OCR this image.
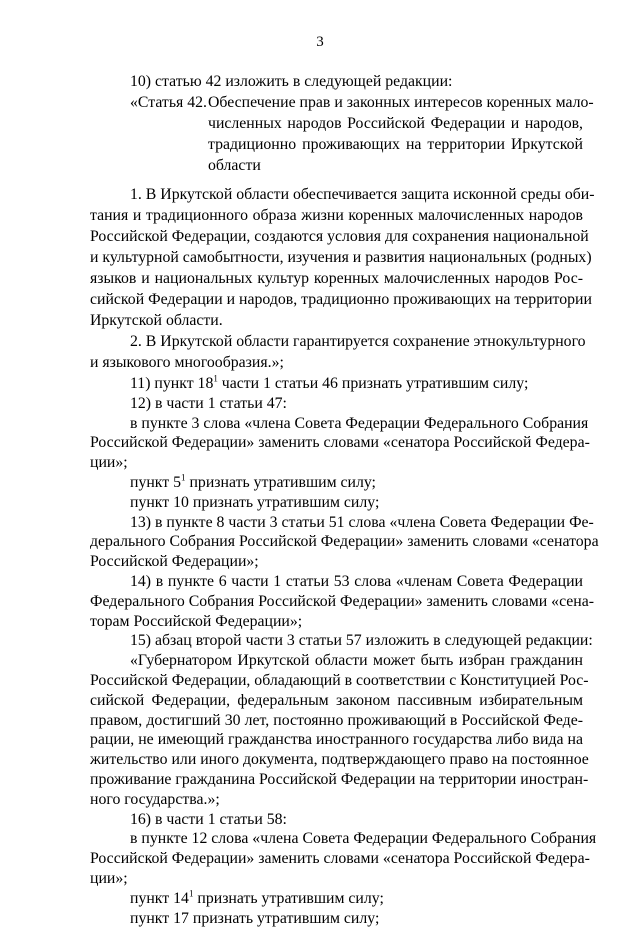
3
10) статью 42 изложить в следующей редакции:
«Статья 42. Обеспечение прав и законных интересов коренных мало-
численных народов Российской Федерации и народов,
традиционно проживающих на территории Иркутской
области
1. В Иркутской области обеспечивается защита исконной среды оби-
тания и традиционного образа жизни коренных малочисленных народов
Российской Федерации, создаются условия для сохранения национальной
и культурной самобытности, изучения и развития национальных (родных)
языков и национальных культур коренных малочисленных народов Рос-
сийской Федерации и народов, традиционно проживающих на территории
Иркутской области.
2. В Иркутской области гарантируется сохранение этнокультурного
и языкового многообразия.»;
11) пункт $18^1$ части 1 статьи 46 признать утратившим силу;
12) в части 1 статьи 47:
в пункте 3 слова «члена Совета Федерации Федерального Собрания
Российской Федерации» заменить словами «сенатора Российской Федера-
ции»;
пункт $5^1$ признать утратившим силу;
пункт 10 признать утратившим силу;
13) в пункте 8 части 3 статьи 51 слова «члена Совета Федерации Фе-
дерального Собрания Российской Федерации» заменить словами «сенатора
Российской Федерации»;
14) в пункте 6 части 1 статьи 53 слова «членам Совета Федерации
Федерального Собрания Российской Федерации» заменить словами «сена-
торам Российской Федерации»;
15) абзац второй части 3 статьи 57 изложить в следующей редакции:
«Губернатором Иркутской области может быть избран гражданин
Российской Федерации, обладающий в соответствии с Конституцией Рос-
сийской Федерации, федеральным законом пассивным избирательным
правом, достигший 30 лет, постоянно проживающий в Российской Феде-
рации, не имеющий гражданства иностранного государства либо вида на
жительство или иного документа, подтверждающего право на постоянное
проживание гражданина Российской Федерации на территории иностран-
ного государства.»;
16) в части 1 статьи 58:
в пункте 12 слова «члена Совета Федерации Федерального Собрания
Российской Федерации» заменить словами «сенатора Российской Федера-
ции»;
пункт $14^1$ признать утратившим силу;
пункт 17 признать утратившим силу;
